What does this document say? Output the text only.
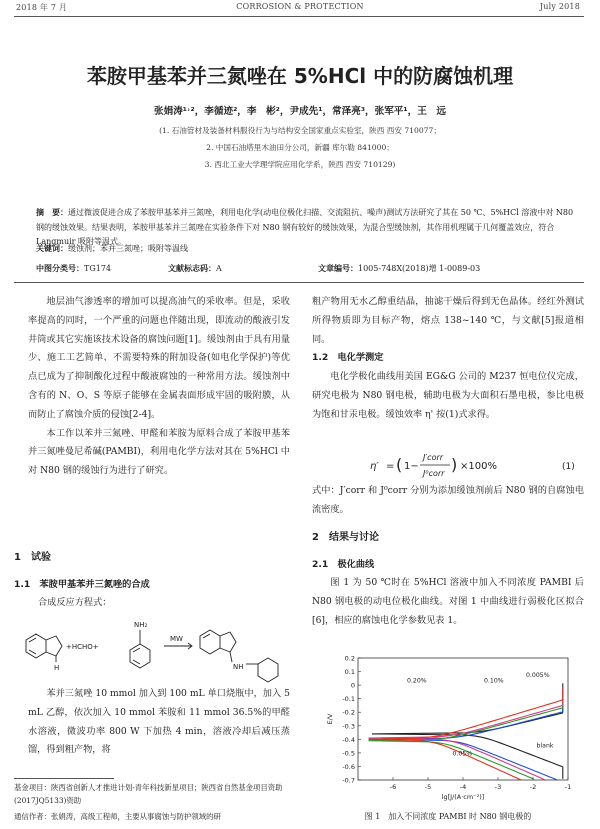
2018 年 7 月	CORROSION & PROTECTION	July 2018
苯胺甲基苯并三氮唑在 5%HCl 中的防腐蚀机理
张娟涛¹˒²，李循迹²，李　彬²，尹成先¹，常泽亮³，张军平¹，王　远
(1. 石油管材及装备材料服役行为与结构安全国家重点实验室，陕西 西安 710077；
2. 中国石油塔里木油田分公司，新疆 库尔勒 841000；
3. 西北工业大学理学院应用化学系，陕西 西安 710129)
摘　要：通过微波促进合成了苯胺甲基苯并三氮唑，利用电化学(动电位极化扫描、交流阻抗、噪声)测试方法研究了其在 50 ℃、5%HCl 溶液中对 N80 钢的缓蚀效果。结果表明，苯胺甲基苯并三氮唑在实验条件下对 N80 钢有较好的缓蚀效果，为混合型缓蚀剂，其作用机理属于几何覆盖效应，符合 Langmuir 吸附等温式。
关键词：缓蚀剂；苯并三氮唑；吸附等温线
中图分类号：TG174	文献标志码：A	文章编号：1005-748X(2018)增 1-0089-03

地层油气渗透率的增加可以提高油气的采收率。但是，采收率提高的同时，一个严重的问题也伴随出现，即流动的酸液引发井筒或其它实施该技术设备的腐蚀问题[1]。缓蚀剂由于具有用量少、施工工艺简单、不需要特殊的附加设备(如电化学保护)等优点已成为了抑制酸化过程中酸液腐蚀的一种常用方法。缓蚀剂中含有的 N、O、S 等原子能够在金属表面形成牢固的吸附膜，从而防止了腐蚀介质的侵蚀[2-4]。

本工作以苯并三氮唑、甲醛和苯胺为原料合成了苯胺甲基苯并三氮唑曼尼希碱(PAMBI)，利用电化学方法对其在 5%HCl 中对 N80 钢的缓蚀行为进行了研究。

1　试验
1.1　苯胺甲基苯并三氮唑的合成
合成反应方程式：
H
+HCHO+
NH₂
MW
NH

苯并三氮唑 10 mmol 加入到 100 mL 单口烧瓶中，加入 5 mL 乙醇，依次加入 10 mmol 苯胺和 11 mmol 36.5%的甲醛水溶液，微波功率 800 W 下加热 4 min，溶液冷却后减压蒸馏，得到粗产物，将

基金项目：陕西省创新人才推进计划-青年科技新星项目；陕西省自然基金项目资助(2017JQ5133)资助
通信作者：张娟涛，高级工程师，主要从事腐蚀与防护领域的研
粗产物用无水乙醇重结晶，抽滤干燥后得到无色晶体。经红外测试所得物质即为目标产物，熔点 138~140 ℃，与文献[5]报道相同。
1.2　电化学测定

电化学极化曲线用美国 EG&G 公司的 M237 恒电位仪完成，研究电极为 N80 钢电极，辅助电极为大面积石墨电极，参比电极为饱和甘汞电极。缓蚀效率 η' 按(1)式求得。

η′ = ( 1−
J′corr
J⁰corr ) ×100%	(1)
式中：J′corr 和 J⁰corr 分别为添加缓蚀剂前后 N80 钢的自腐蚀电流密度。
2　结果与讨论
2.1　极化曲线

图 1 为 50 ℃时在 5%HCl 溶液中加入不同浓度 PAMBI 后 N80 钢电极的动电位极化曲线。对图 1 中曲线进行弱极化区拟合[6]，相应的腐蚀电化学参数见表 1。

0.2
0.1
0
-0.1
-0.2
-0.3
-0.4
-0.5
-0.6
-0.7
-6	-5	-4	-3	-2	-1
lg[J/(A·cm⁻²)]
E/V
0.20%	0.10%
0.005%
0.05%
blank
图 1　加入不同浓度 PAMBI 时 N80 钢电极的
